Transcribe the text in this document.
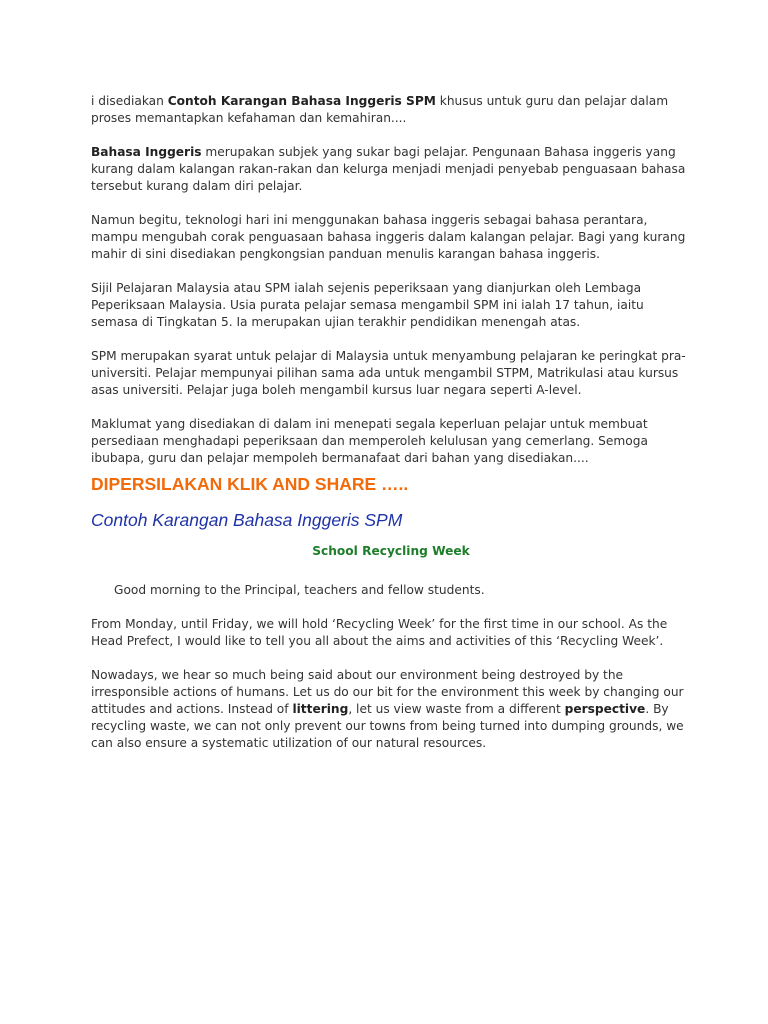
i disediakan Contoh Karangan Bahasa Inggeris SPM khusus untuk guru dan pelajar dalam proses memantapkan kefahaman dan kemahiran....

Bahasa Inggeris merupakan subjek yang sukar bagi pelajar. Pengunaan Bahasa inggeris yang kurang dalam kalangan rakan-rakan dan kelurga menjadi menjadi penyebab penguasaan bahasa tersebut kurang dalam diri pelajar.

Namun begitu, teknologi hari ini menggunakan bahasa inggeris sebagai bahasa perantara, mampu mengubah corak penguasaan bahasa inggeris dalam kalangan pelajar. Bagi yang kurang mahir di sini disediakan pengkongsian panduan menulis karangan bahasa inggeris.

Sijil Pelajaran Malaysia atau SPM ialah sejenis peperiksaan yang dianjurkan oleh Lembaga Peperiksaan Malaysia. Usia purata pelajar semasa mengambil SPM ini ialah 17 tahun, iaitu semasa di Tingkatan 5. Ia merupakan ujian terakhir pendidikan menengah atas.

SPM merupakan syarat untuk pelajar di Malaysia untuk menyambung pelajaran ke peringkat pra-universiti. Pelajar mempunyai pilihan sama ada untuk mengambil STPM, Matrikulasi atau kursus asas universiti. Pelajar juga boleh mengambil kursus luar negara seperti A-level.

Maklumat yang disediakan di dalam ini menepati segala keperluan pelajar untuk membuat persediaan menghadapi peperiksaan dan memperoleh kelulusan yang cemerlang. Semoga ibubapa, guru dan pelajar mempoleh bermanafaat dari bahan yang disediakan....

DIPERSILAKAN KLIK AND SHARE …..
Contoh Karangan Bahasa Inggeris SPM
School Recycling Week

Good morning to the Principal, teachers and fellow students.

From Monday, until Friday, we will hold ‘Recycling Week’ for the first time in our school. As the Head Prefect, I would like to tell you all about the aims and activities of this ‘Recycling Week’.

Nowadays, we hear so much being said about our environment being destroyed by the irresponsible actions of humans. Let us do our bit for the environment this week by changing our attitudes and actions. Instead of littering, let us view waste from a different perspective. By recycling waste, we can not only prevent our towns from being turned into dumping grounds, we can also ensure a systematic utilization of our natural resources.
